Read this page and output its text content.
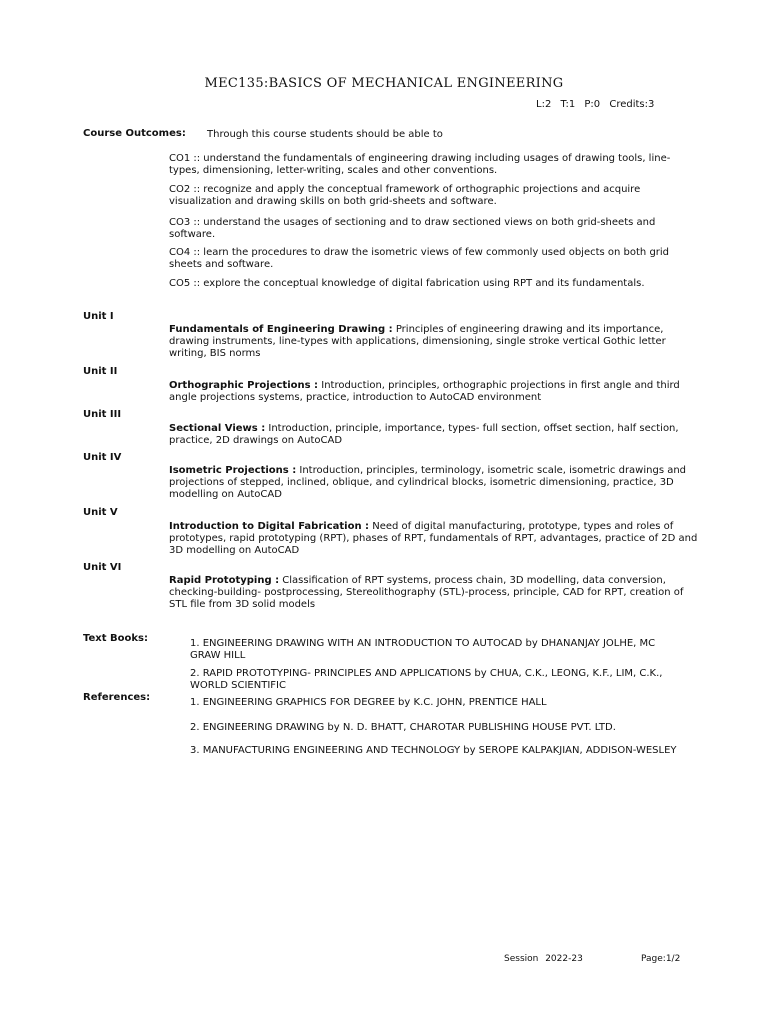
MEC135:BASICS OF MECHANICAL ENGINEERING
L:2 T:1 P:0 Credits:3
Course Outcomes: Through this course students should be able to
CO1 :: understand the fundamentals of engineering drawing including usages of drawing tools, line-types, dimensioning, letter-writing, scales and other conventions.
CO2 :: recognize and apply the conceptual framework of orthographic projections and acquire visualization and drawing skills on both grid-sheets and software.
CO3 :: understand the usages of sectioning and to draw sectioned views on both grid-sheets and software.
CO4 :: learn the procedures to draw the isometric views of few commonly used objects on both grid sheets and software.
CO5 :: explore the conceptual knowledge of digital fabrication using RPT and its fundamentals.
Unit I
Fundamentals of Engineering Drawing : Principles of engineering drawing and its importance, drawing instruments, line-types with applications, dimensioning, single stroke vertical Gothic letter writing, BIS norms
Unit II
Orthographic Projections : Introduction, principles, orthographic projections in first angle and third angle projections systems, practice, introduction to AutoCAD environment
Unit III
Sectional Views : Introduction, principle, importance, types- full section, offset section, half section, practice, 2D drawings on AutoCAD
Unit IV
Isometric Projections : Introduction, principles, terminology, isometric scale, isometric drawings and projections of stepped, inclined, oblique, and cylindrical blocks, isometric dimensioning, practice, 3D modelling on AutoCAD
Unit V
Introduction to Digital Fabrication : Need of digital manufacturing, prototype, types and roles of prototypes, rapid prototyping (RPT), phases of RPT, fundamentals of RPT, advantages, practice of 2D and 3D modelling on AutoCAD
Unit VI
Rapid Prototyping : Classification of RPT systems, process chain, 3D modelling, data conversion, checking-building- postprocessing, Stereolithography (STL)-process, principle, CAD for RPT, creation of STL file from 3D solid models
Text Books:	1. ENGINEERING DRAWING WITH AN INTRODUCTION TO AUTOCAD by DHANANJAY JOLHE, MC GRAW HILL
2. RAPID PROTOTYPING- PRINCIPLES AND APPLICATIONS by CHUA, C.K., LEONG, K.F., LIM, C.K., WORLD SCIENTIFIC
References:	1. ENGINEERING GRAPHICS FOR DEGREE by K.C. JOHN, PRENTICE HALL
2. ENGINEERING DRAWING by N. D. BHATT, CHAROTAR PUBLISHING HOUSE PVT. LTD.
3. MANUFACTURING ENGINEERING AND TECHNOLOGY by SEROPE KALPAKJIAN, ADDISON-WESLEY
Session 2022-23	Page:1/2
